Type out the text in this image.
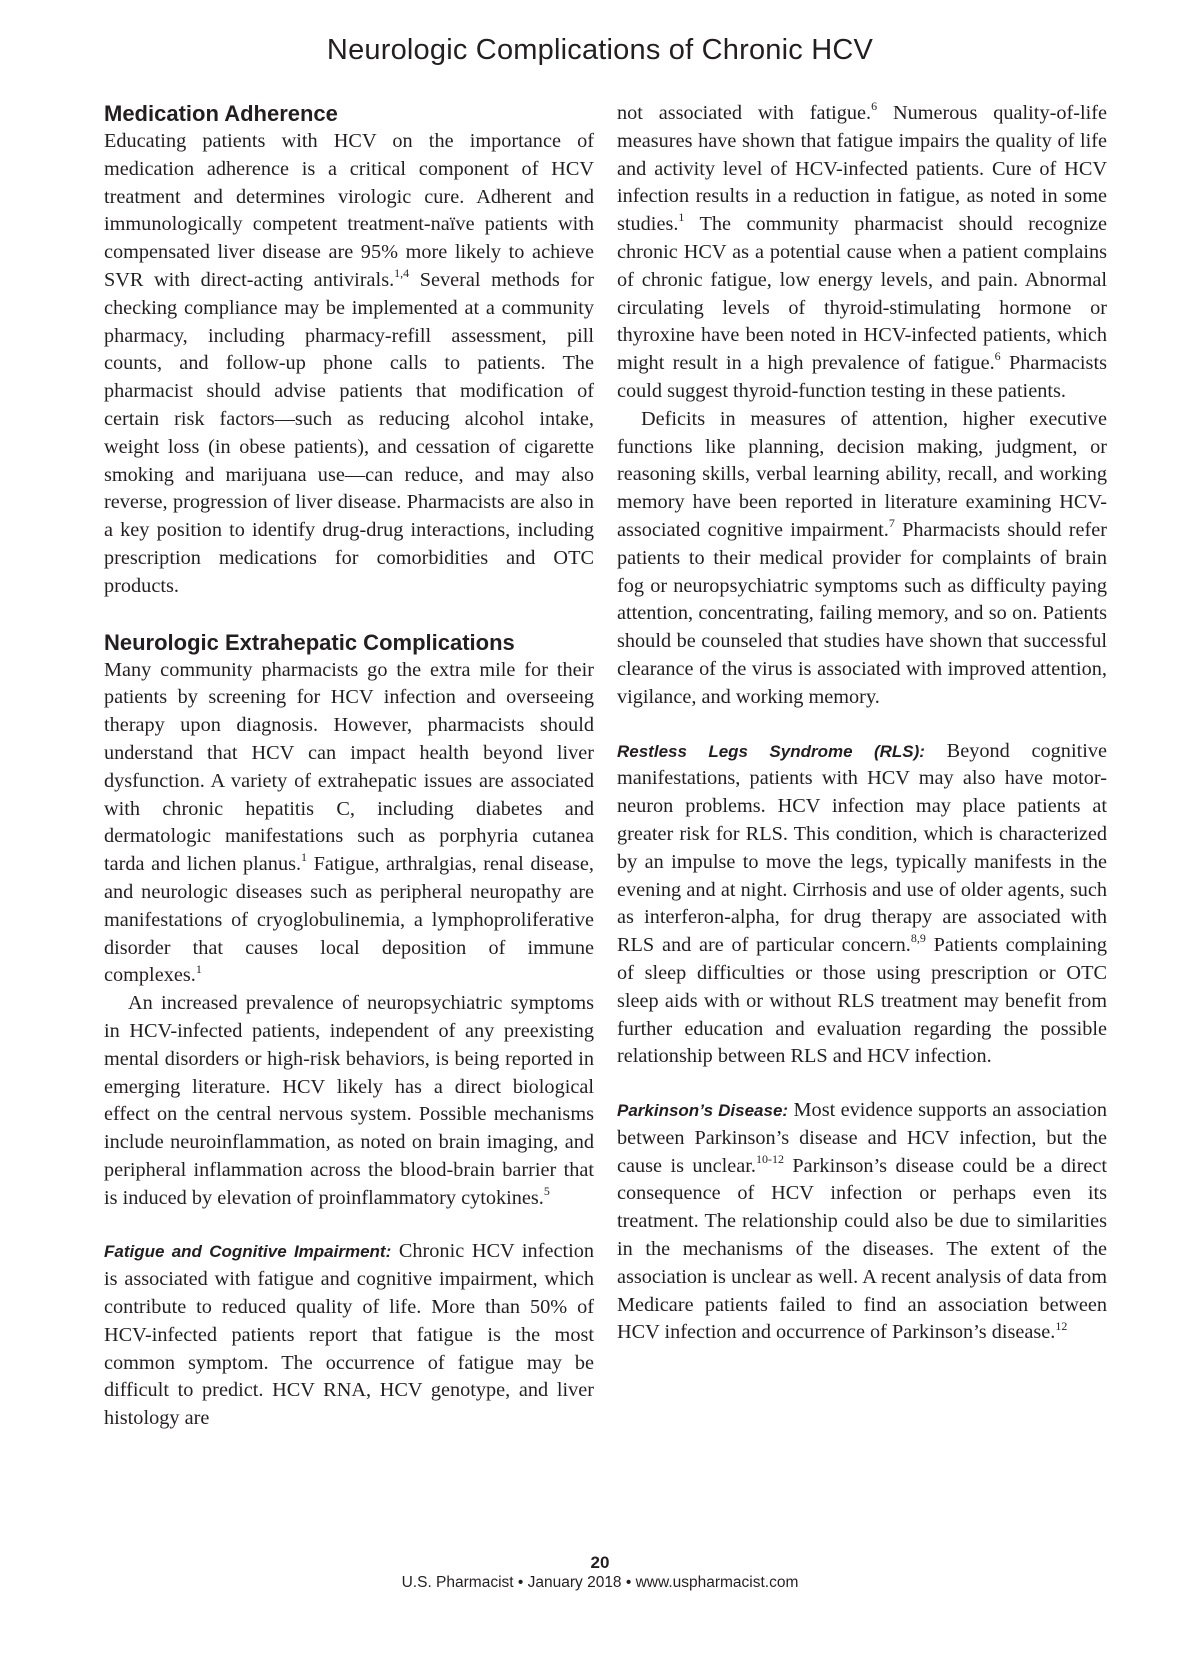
Neurologic Complications of Chronic HCV
Medication Adherence

Educating patients with HCV on the importance of medication adherence is a critical component of HCV treatment and determines virologic cure. Adherent and immunologically competent treatment-naïve patients with compensated liver disease are 95% more likely to achieve SVR with direct-acting antivirals.$^{1,4}$ Several methods for checking compliance may be implemented at a community pharmacy, including pharmacy-refill assessment, pill counts, and follow-up phone calls to patients. The pharmacist should advise patients that modification of certain risk factors—such as reducing alcohol intake, weight loss (in obese patients), and cessation of cigarette smoking and marijuana use—can reduce, and may also reverse, progression of liver disease. Pharmacists are also in a key position to identify drug-drug interactions, including prescription medications for comorbidities and OTC products.

Neurologic Extrahepatic Complications

Many community pharmacists go the extra mile for their patients by screening for HCV infection and overseeing therapy upon diagnosis. However, pharmacists should understand that HCV can impact health beyond liver dysfunction. A variety of extrahepatic issues are associated with chronic hepatitis C, including diabetes and dermatologic manifestations such as porphyria cutanea tarda and lichen planus.$^1$ Fatigue, arthralgias, renal disease, and neurologic diseases such as peripheral neuropathy are manifestations of cryoglobulinemia, a lymphoproliferative disorder that causes local deposition of immune complexes.$^1$

An increased prevalence of neuropsychiatric symptoms in HCV-infected patients, independent of any preexisting mental disorders or high-risk behaviors, is being reported in emerging literature. HCV likely has a direct biological effect on the central nervous system. Possible mechanisms include neuroinflammation, as noted on brain imaging, and peripheral inflammation across the blood-brain barrier that is induced by elevation of proinflammatory cytokines.$^5$

Fatigue and Cognitive Impairment: Chronic HCV infection is associated with fatigue and cognitive impairment, which contribute to reduced quality of life. More than 50% of HCV-infected patients report that fatigue is the most common symptom. The occurrence of fatigue may be difficult to predict. HCV RNA, HCV genotype, and liver histology are

not associated with fatigue.$^6$ Numerous quality-of-life measures have shown that fatigue impairs the quality of life and activity level of HCV-infected patients. Cure of HCV infection results in a reduction in fatigue, as noted in some studies.$^1$ The community pharmacist should recognize chronic HCV as a potential cause when a patient complains of chronic fatigue, low energy levels, and pain. Abnormal circulating levels of thyroid-stimulating hormone or thyroxine have been noted in HCV-infected patients, which might result in a high prevalence of fatigue.$^6$ Pharmacists could suggest thyroid-function testing in these patients.

Deficits in measures of attention, higher executive functions like planning, decision making, judgment, or reasoning skills, verbal learning ability, recall, and working memory have been reported in literature examining HCV-associated cognitive impairment.$^7$ Pharmacists should refer patients to their medical provider for complaints of brain fog or neuropsychiatric symptoms such as difficulty paying attention, concentrating, failing memory, and so on. Patients should be counseled that studies have shown that successful clearance of the virus is associated with improved attention, vigilance, and working memory.

Restless Legs Syndrome (RLS): Beyond cognitive manifestations, patients with HCV may also have motor-neuron problems. HCV infection may place patients at greater risk for RLS. This condition, which is characterized by an impulse to move the legs, typically manifests in the evening and at night. Cirrhosis and use of older agents, such as interferon-alpha, for drug therapy are associated with RLS and are of particular concern.$^{8,9}$ Patients complaining of sleep difficulties or those using prescription or OTC sleep aids with or without RLS treatment may benefit from further education and evaluation regarding the possible relationship between RLS and HCV infection.

Parkinson’s Disease: Most evidence supports an association between Parkinson’s disease and HCV infection, but the cause is unclear.$^{10-12}$ Parkinson’s disease could be a direct consequence of HCV infection or perhaps even its treatment. The relationship could also be due to similarities in the mechanisms of the diseases. The extent of the association is unclear as well. A recent analysis of data from Medicare patients failed to find an association between HCV infection and occurrence of Parkinson’s disease.$^{12}$

20
U.S. Pharmacist • January 2018 • www.uspharmacist.com
